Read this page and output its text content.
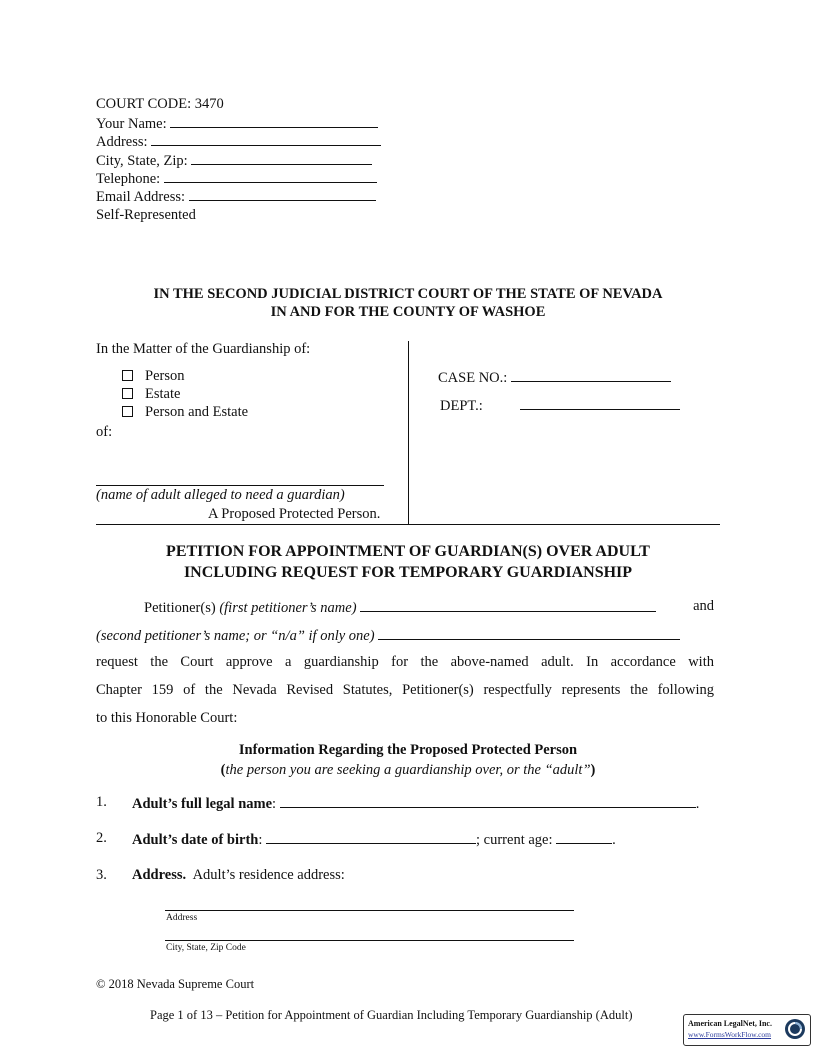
COURT CODE: 3470
Your Name:
Address:
City, State, Zip:
Telephone:
Email Address:
Self-Represented
IN THE SECOND JUDICIAL DISTRICT COURT OF THE STATE OF NEVADA
IN AND FOR THE COUNTY OF WASHOE
In the Matter of the Guardianship of:
Person
Estate
Person and Estate
of:
(name of adult alleged to need a guardian)
A Proposed Protected Person.
CASE NO.:
DEPT.:
PETITION FOR APPOINTMENT OF GUARDIAN(S) OVER ADULT
INCLUDING REQUEST FOR TEMPORARY GUARDIANSHIP
Petitioner(s) (first petitioner’s name)	and
(second petitioner’s name; or “n/a” if only one)
request the Court approve a guardianship for the above-named adult. In accordance with
Chapter 159 of the Nevada Revised Statutes, Petitioner(s) respectfully represents the following
to this Honorable Court:
Information Regarding the Proposed Protected Person
(the person you are seeking a guardianship over, or the “adult”)
1. Adult’s full legal name:	.
2. Adult’s date of birth:	; current age:	.
3. Address. Adult’s residence address:
Address
City, State, Zip Code
© 2018 Nevada Supreme Court
Page 1 of 13 – Petition for Appointment of Guardian Including Temporary Guardianship (Adult)
American LegalNet, Inc.
www.FormsWorkFlow.com
